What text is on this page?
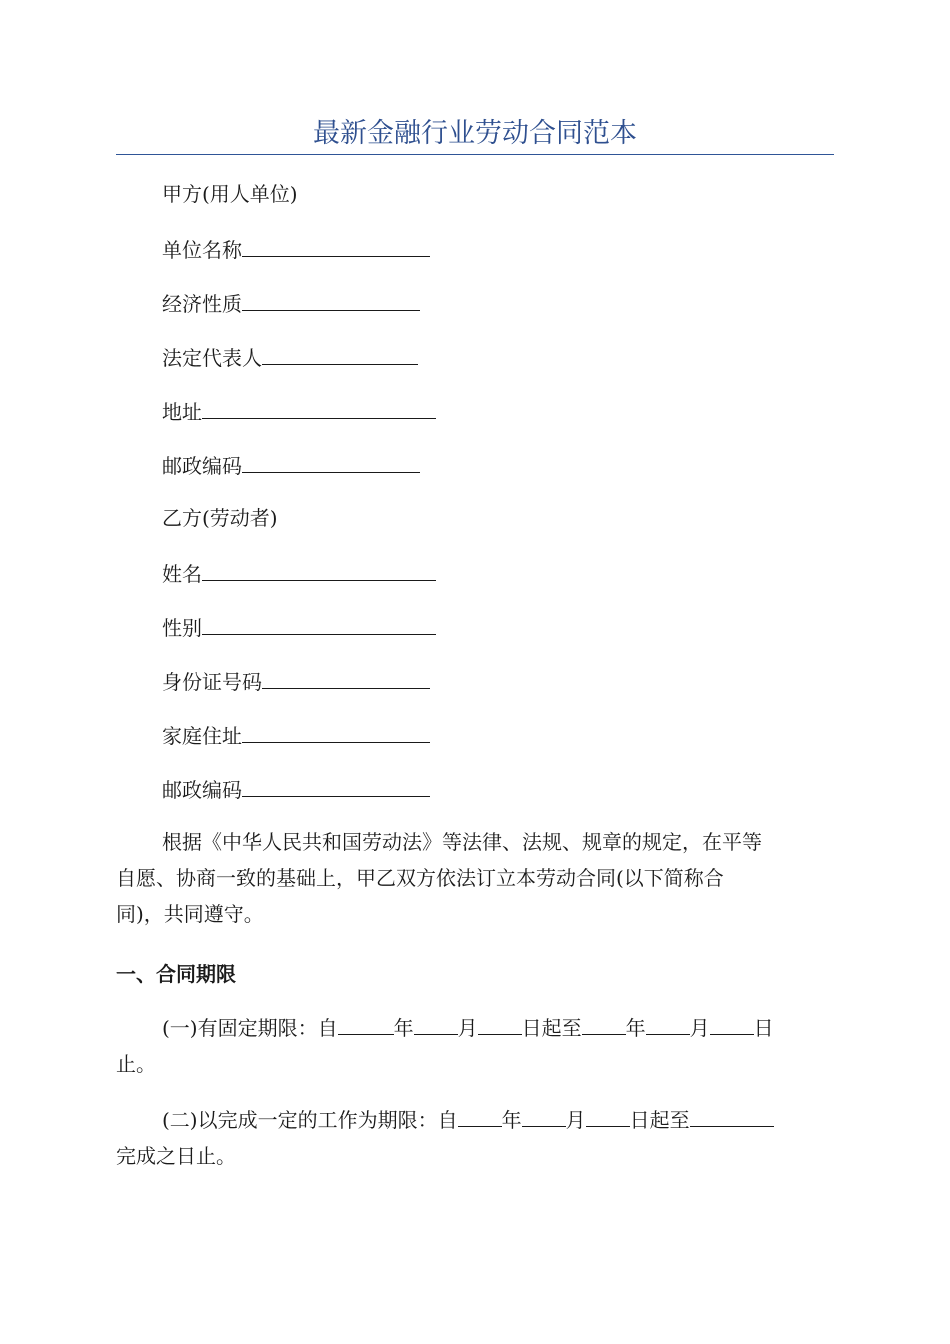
最新金融行业劳动合同范本
甲方(用人单位)
单位名称
经济性质
法定代表人
地址
邮政编码
乙方(劳动者)
姓名
性别
身份证号码
家庭住址
邮政编码
根据《中华人民共和国劳动法》等法律、法规、规章的规定，在平等
自愿、协商一致的基础上，甲乙双方依法订立本劳动合同(以下简称合
同)，共同遵守。
一、合同期限
(一)有固定期限：自	年 月 日起至 年 月 日
止。
(二)以完成一定的工作为期限：自 年 月 日起至
完成之日止。
